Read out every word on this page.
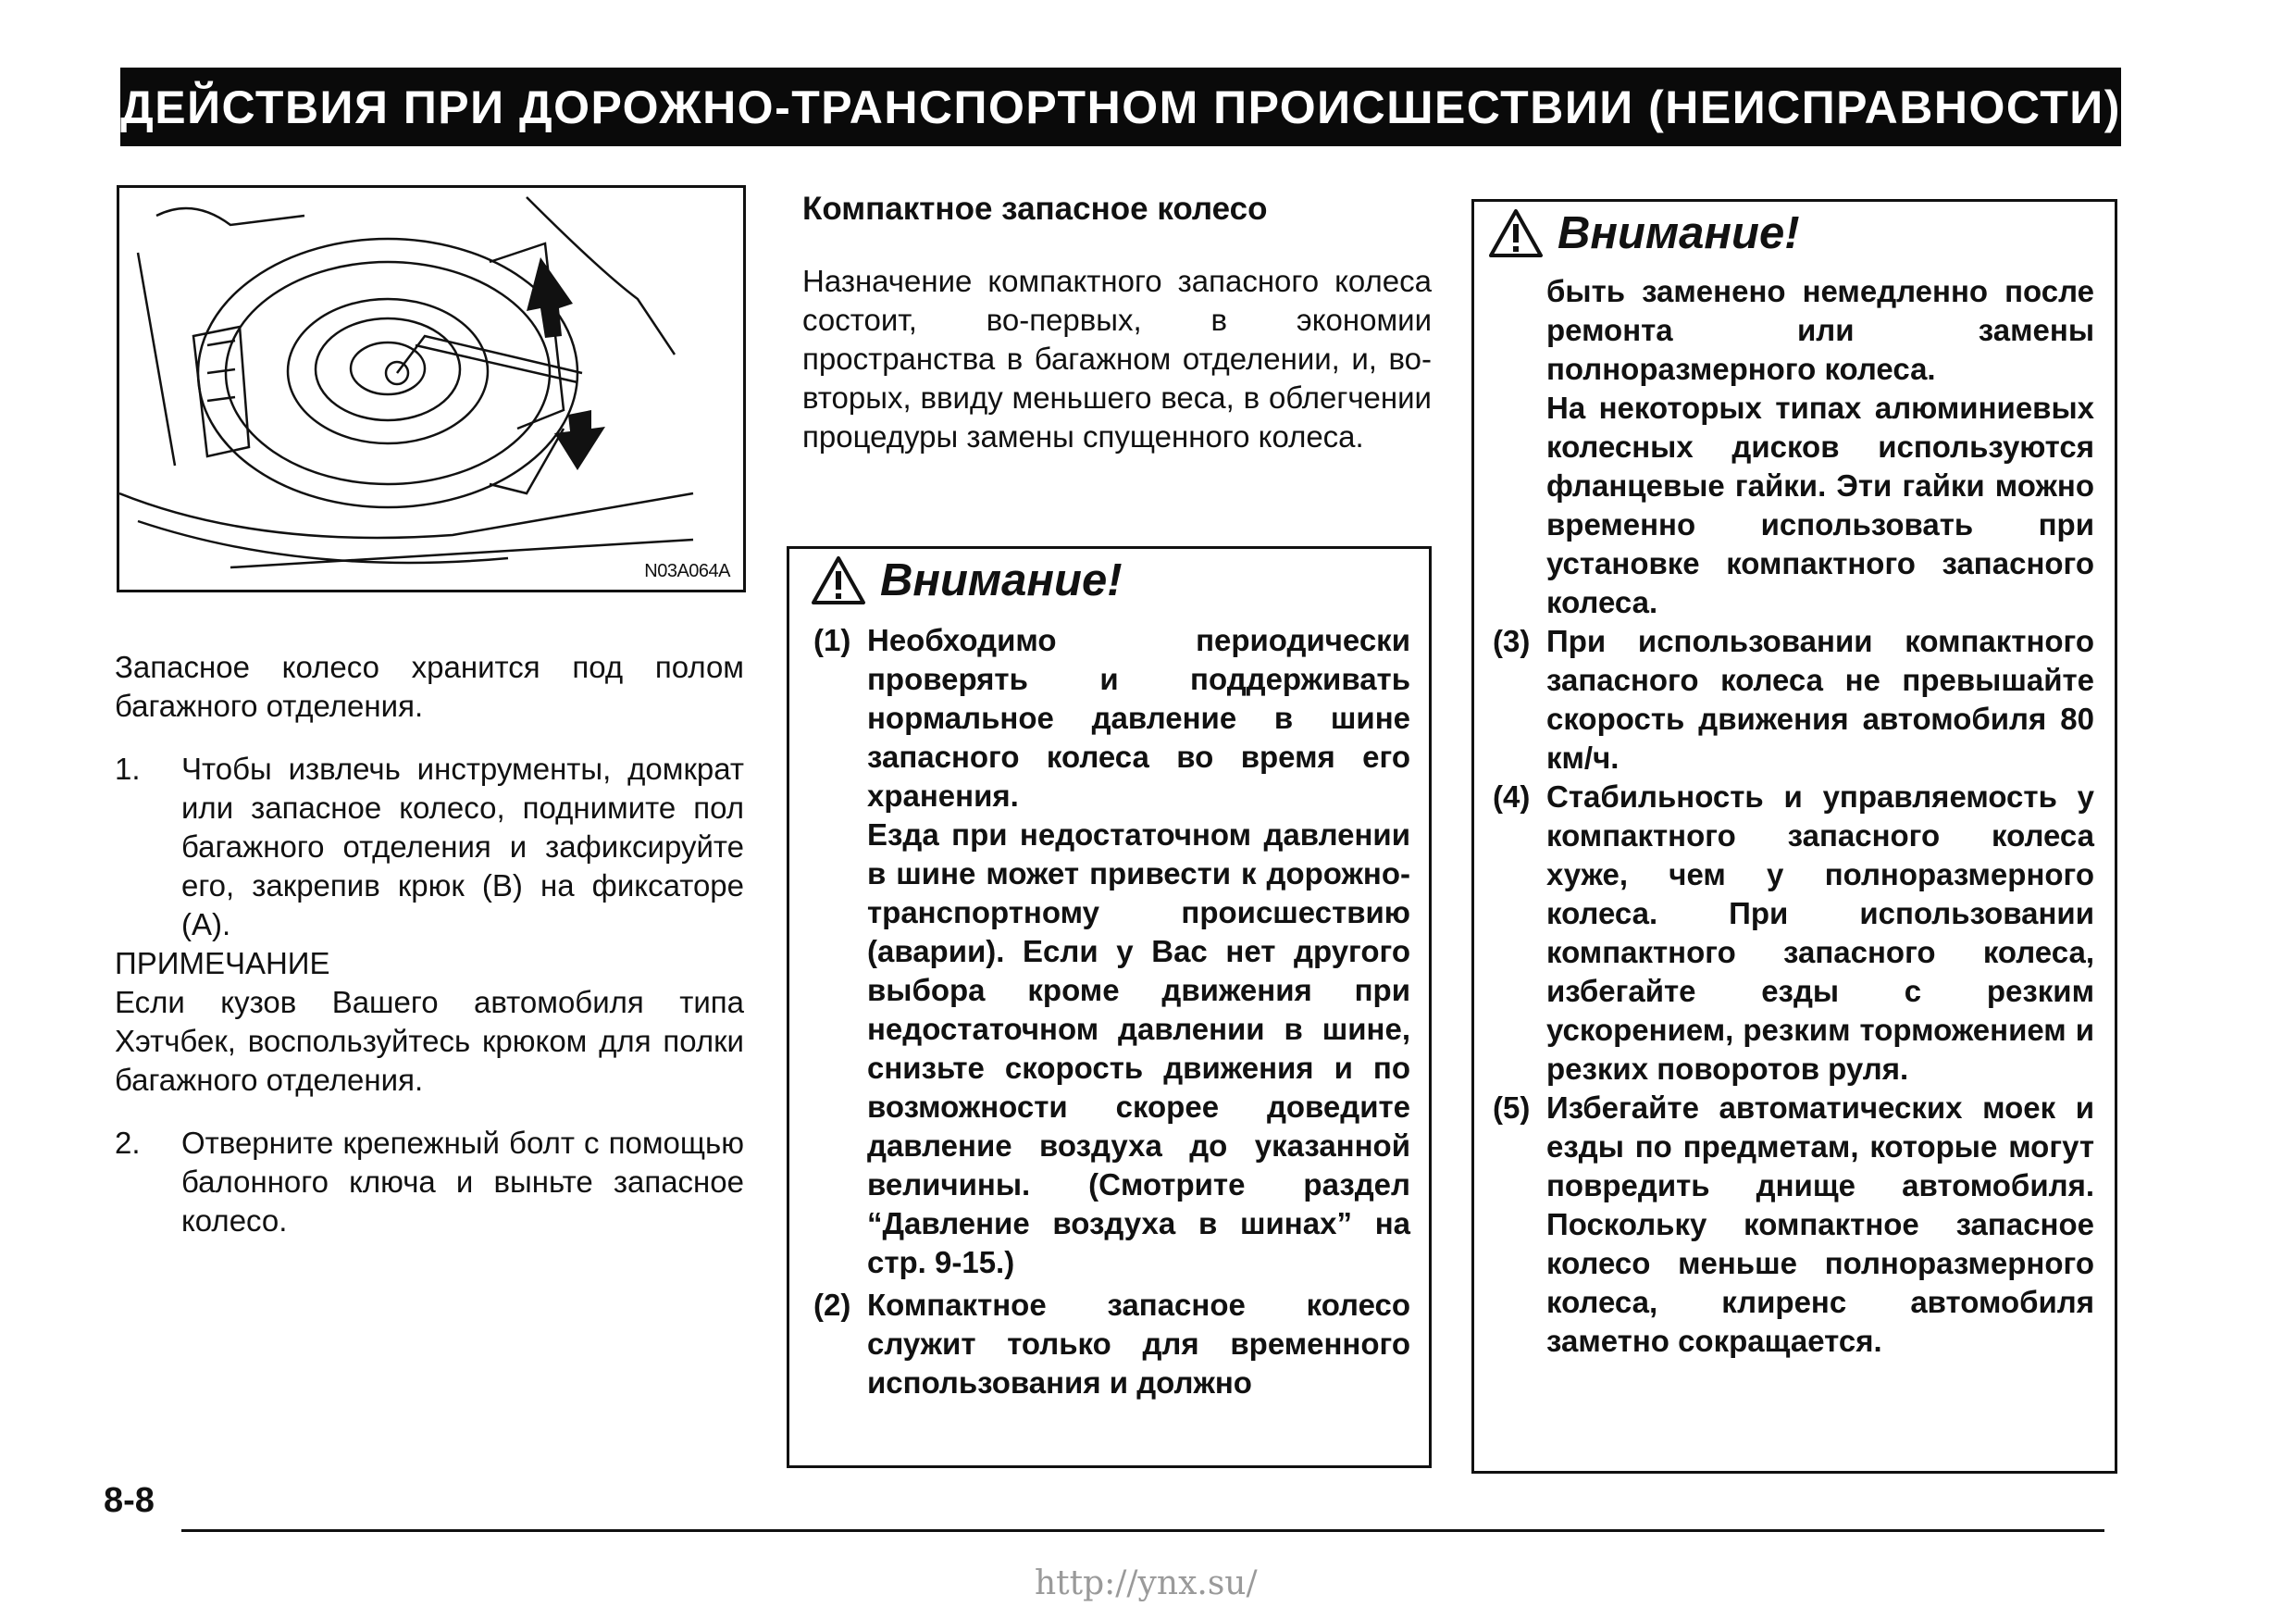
ДЕЙСТВИЯ ПРИ ДОРОЖНО-ТРАНСПОРТНОМ ПРОИСШЕСТВИИ (НЕИСПРАВНОСТИ)
N03A064A

Запасное колесо хранится под полом багажного отделения.

1.	Чтобы извлечь инструменты, домкрат или запасное колесо, поднимите пол багажного отделения и зафиксируйте его, закрепив крюк (В) на фиксаторе (А).

ПРИМЕЧАНИЕ

Если кузов Вашего автомобиля типа Хэтчбек, воспользуйтесь крюком для полки багажного отделения.

2.	Отверните крепежный болт с помощью балонного ключа и выньте запасное колесо.

Компактное запасное колесо

Назначение компактного запасного колеса состоит, во-первых, в экономии пространства в багажном отделении, и, во-вторых, ввиду меньшего веса, в облегчении процедуры замены спущенного колеса.

Внимание!
(1) Необходимо периодически проверять и поддерживать нормальное давление в шине запасного колеса во время его хранения.
Езда при недостаточном давлении в шине может привести к дорожно-транспортному происшествию (аварии). Если у Вас нет другого выбора кроме движения при недостаточном давлении в шине, снизьте скорость движения и по возможности скорее доведите давление воздуха до указанной величины. (Смотрите раздел “Давление воздуха в шинах” на стр. 9-15.)
(2) Компактное запасное колесо служит только для временного использования и должно
Внимание!
быть заменено немедленно после ремонта или замены полноразмерного колеса.
На некоторых типах алюминиевых колесных дисков используются фланцевые гайки. Эти гайки можно временно использовать при установке компактного запасного колеса.
(3) При использовании компактного запасного колеса не превышайте скорость движения автомобиля 80 км/ч.
(4) Стабильность и управляемость у компактного запасного колеса хуже, чем у полноразмерного колеса. При использовании компактного запасного колеса, избегайте езды с резким ускорением, резким торможением и резких поворотов руля.
(5) Избегайте автоматических моек и езды по предметам, которые могут повредить днище автомобиля. Поскольку компактное запасное колесо меньше полноразмерного колеса, клиренс автомобиля заметно сокращается.
8-8
http://ynx.su/
